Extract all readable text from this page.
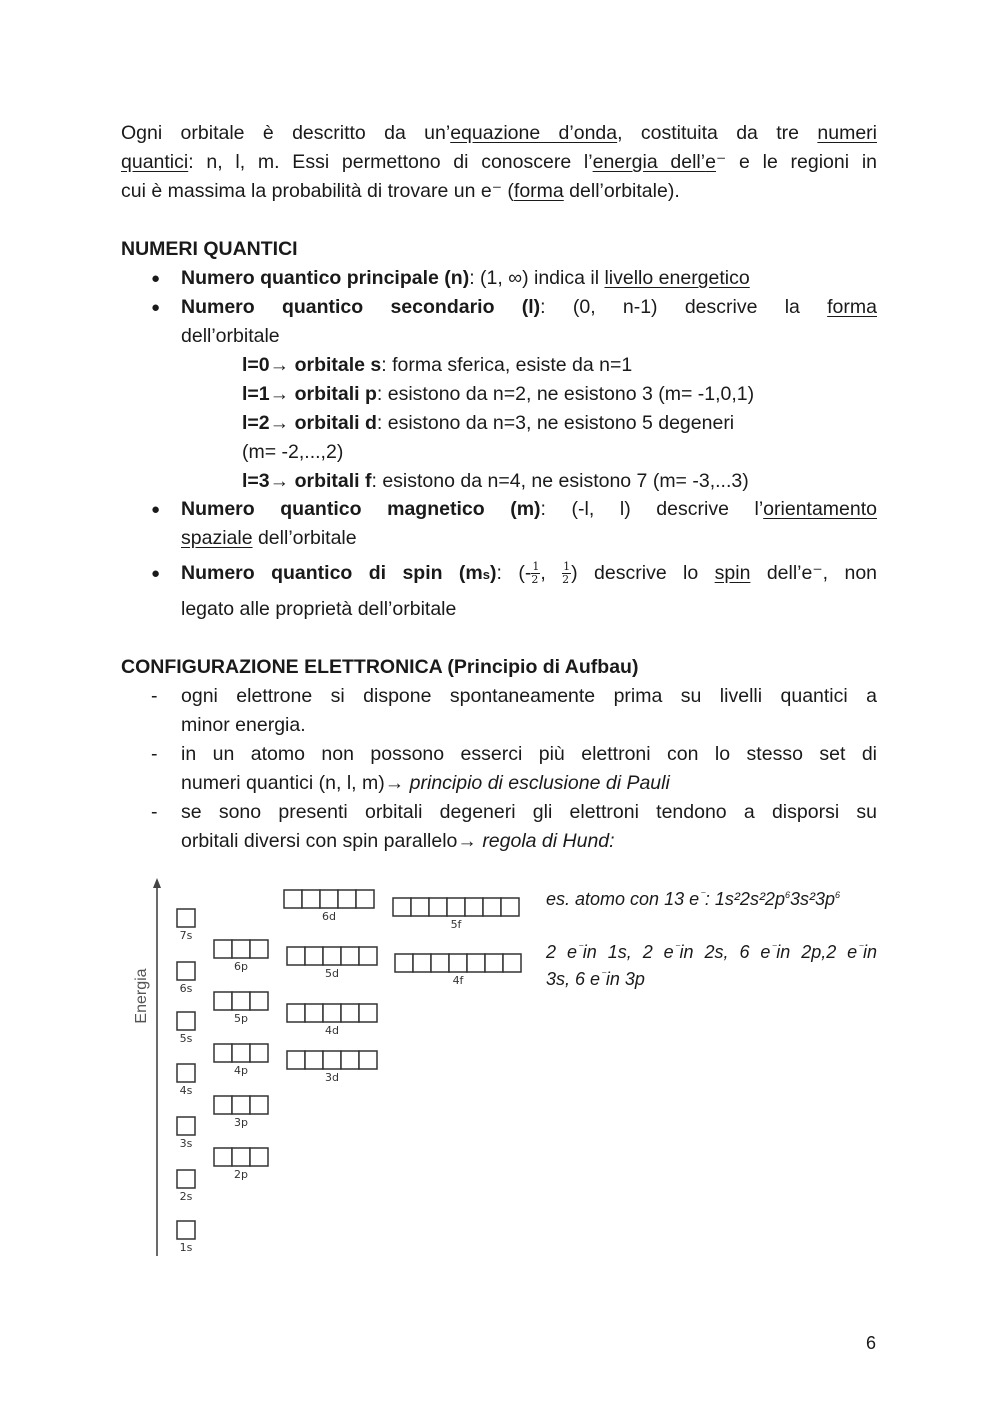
Ogni orbitale è descritto da un’equazione d’onda, costituita da tre numeri

quantici: n, l, m. Essi permettono di conoscere l’energia dell’e⁻ e le regioni in

cui è massima la probabilità di trovare un e⁻ (forma dell’orbitale).

NUMERI QUANTICI

● Numero quantico principale (n): (1, ∞) indica il livello energetico
● Numero quantico secondario (l): (0, n-1) descrive la forma
dell’orbitale
l=0→ orbitale s: forma sferica, esiste da n=1
l=1→ orbitali p: esistono da n=2, ne esistono 3 (m= -1,0,1)
l=2→ orbitali d: esistono da n=3, ne esistono 5 degeneri
(m= -2,...,2)
l=3→ orbitali f: esistono da n=4, ne esistono 7 (m= -3,...3)
● Numero quantico magnetico (m): (-l, l) descrive l’orientamento
spaziale dell’orbitale
● Numero quantico di spin (ms): (- $\frac{1}{2}$ , $\frac{1}{2}$ ) descrive lo spin dell’e⁻, non
legato alle proprietà dell’orbitale

CONFIGURAZIONE ELETTRONICA (Principio di Aufbau)

- ogni elettrone si dispone spontaneamente prima su livelli quantici a
minor energia.
- in un atomo non possono esserci più elettroni con lo stesso set di
numeri quantici (n, l, m)→ principio di esclusione di Pauli
- se sono presenti orbitali degeneri gli elettroni tendono a disporsi su
orbitali diversi con spin parallelo→ regola di Hund:
Energia
1s
2s
2p
3s
3p
4s
3d
4p
5s
4d
5p
6s
4f
5d
6p
7s
5f
6d
es. atomo con 13 e⁻: $1s^22s^22p^63s^23p^6$
2 e⁻in 1s, 2 e⁻in 2s, 6 e⁻in 2p,2 e⁻in
3s, 6 e⁻in 3p
6
